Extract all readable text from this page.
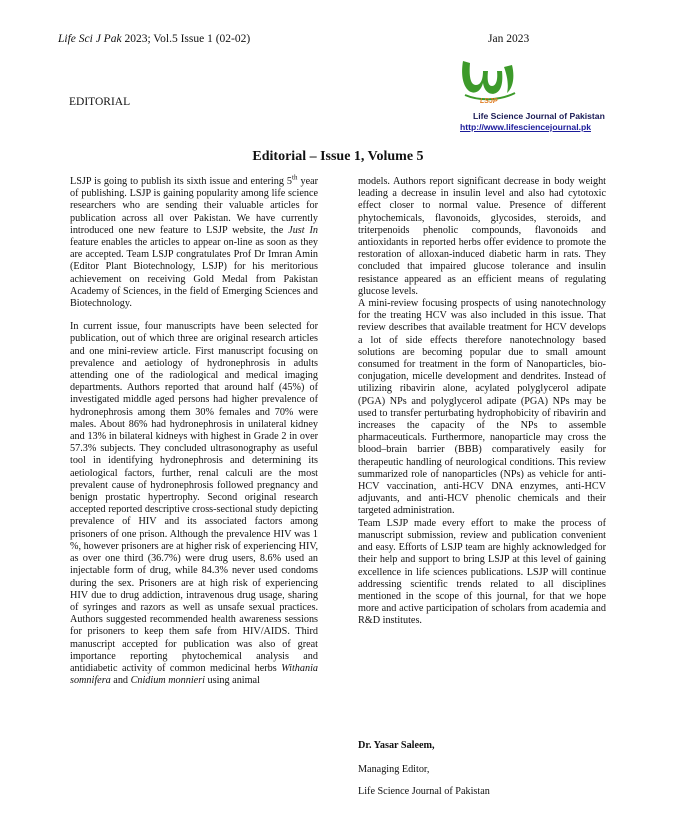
Life Sci J Pak 2023; Vol.5 Issue 1 (02-02)	Jan 2023
EDITORIAL	LSJP
Life Science Journal of Pakistan
http://www.lifesciencejournal.pk
Editorial – Issue 1, Volume 5

LSJP is going to publish its sixth issue and entering 5th year of publishing. LSJP is gaining popularity among life science researchers who are sending their valuable articles for publication across all over Pakistan. We have currently introduced one new feature to LSJP website, the Just In feature enables the articles to appear on-line as soon as they are accepted. Team LSJP congratulates Prof Dr Imran Amin (Editor Plant Biotechnology, LSJP) for his meritorious achievement on receiving Gold Medal from Pakistan Academy of Sciences, in the field of Emerging Sciences and Biotechnology.

In current issue, four manuscripts have been selected for publication, out of which three are original research articles and one mini-review article. First manuscript focusing on prevalence and aetiology of hydronephrosis in adults attending one of the radiological and medical imaging departments. Authors reported that around half (45%) of investigated middle aged persons had higher prevalence of hydronephrosis among them 30% females and 70% were males. About 86% had hydronephrosis in unilateral kidney and 13% in bilateral kidneys with highest in Grade 2 in over 57.3% subjects. They concluded ultrasonography as useful tool in identifying hydronephrosis and determining its aetiological factors, further, renal calculi are the most prevalent cause of hydronephrosis followed pregnancy and benign prostatic hypertrophy. Second original research accepted reported descriptive cross-sectional study depicting prevalence of HIV and its associated factors among prisoners of one prison. Although the prevalence HIV was 1 %, however prisoners are at higher risk of experiencing HIV, as over one third (36.7%) were drug users, 8.6% used an injectable form of drug, while 84.3% never used condoms during the sex. Prisoners are at high risk of experiencing HIV due to drug addiction, intravenous drug usage, sharing of syringes and razors as well as unsafe sexual practices. Authors suggested recommended health awareness sessions for prisoners to keep them safe from HIV/AIDS. Third manuscript accepted for publication was also of great importance reporting phytochemical analysis and antidiabetic activity of common medicinal herbs Withania somnifera and Cnidium monnieri using animal

models. Authors report significant decrease in body weight leading a decrease in insulin level and also had cytotoxic effect closer to normal value. Presence of different phytochemicals, flavonoids, glycosides, steroids, and triterpenoids phenolic compounds, flavonoids and antioxidants in reported herbs offer evidence to promote the restoration of alloxan-induced diabetic harm in rats. They concluded that impaired glucose tolerance and insulin resistance appeared as an efficient means of regulating glucose levels.

A mini-review focusing prospects of using nanotechnology for the treating HCV was also included in this issue. That review describes that available treatment for HCV develops a lot of side effects therefore nanotechnology based solutions are becoming popular due to small amount consumed for treatment in the form of Nanoparticles, bio-conjugation, micelle development and dendrites. Instead of utilizing ribavirin alone, acylated polyglycerol adipate (PGA) NPs and polyglycerol adipate (PGA) NPs may be used to transfer perturbating hydrophobicity of ribavirin and increases the capacity of the NPs to assemble pharmaceuticals. Furthermore, nanoparticle may cross the blood–brain barrier (BBB) comparatively easily for therapeutic handling of neurological conditions. This review summarized role of nanoparticles (NPs) as vehicle for anti-HCV vaccination, anti-HCV DNA enzymes, anti-HCV adjuvants, and anti-HCV phenolic chemicals and their targeted administration.

Team LSJP made every effort to make the process of manuscript submission, review and publication convenient and easy. Efforts of LSJP team are highly acknowledged for their help and support to bring LSJP at this level of gaining excellence in life sciences publications. LSJP will continue addressing scientific trends related to all disciplines mentioned in the scope of this journal, for that we hope more and active participation of scholars from academia and R&D institutes.

Dr. Yasar Saleem,
Managing Editor,
Life Science Journal of Pakistan
